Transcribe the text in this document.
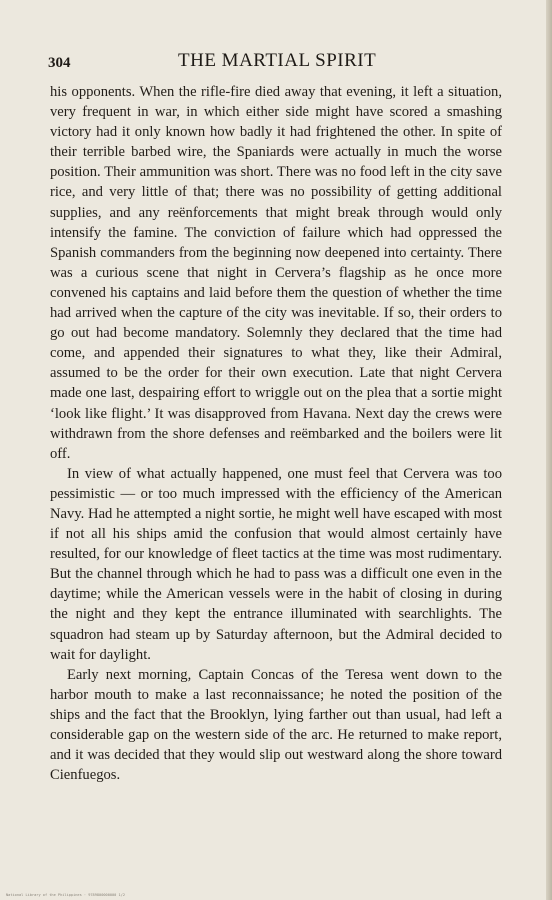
304	THE MARTIAL SPIRIT

his opponents. When the rifle-fire died away that evening, it left a situation, very frequent in war, in which either side might have scored a smashing victory had it only known how badly it had frightened the other. In spite of their terrible barbed wire, the Spaniards were actually in much the worse position. Their ammunition was short. There was no food left in the city save rice, and very little of that; there was no possibility of getting additional supplies, and any reënforcements that might break through would only intensify the famine. The conviction of failure which had oppressed the Spanish commanders from the beginning now deepened into certainty. There was a curious scene that night in Cervera’s flagship as he once more convened his captains and laid before them the question of whether the time had arrived when the capture of the city was inevitable. If so, their orders to go out had become mandatory. Solemnly they declared that the time had come, and appended their signatures to what they, like their Admiral, assumed to be the order for their own execution. Late that night Cervera made one last, despairing effort to wriggle out on the plea that a sortie might ‘look like flight.’ It was disapproved from Havana. Next day the crews were withdrawn from the shore defenses and reëmbarked and the boilers were lit off.

In view of what actually happened, one must feel that Cervera was too pessimistic — or too much impressed with the efficiency of the American Navy. Had he attempted a night sortie, he might well have escaped with most if not all his ships amid the confusion that would almost certainly have resulted, for our knowledge of fleet tactics at the time was most rudimentary. But the channel through which he had to pass was a difficult one even in the daytime; while the American vessels were in the habit of closing in during the night and they kept the entrance illuminated with searchlights. The squadron had steam up by Saturday afternoon, but the Admiral decided to wait for daylight.

Early next morning, Captain Concas of the Teresa went down to the harbor mouth to make a last reconnaissance; he noted the position of the ships and the fact that the Brooklyn, lying farther out than usual, had left a considerable gap on the western side of the arc. He returned to make report, and it was decided that they would slip out westward along the shore toward Cienfuegos.

National Library of the Philippines · 9789800000000 1/2
